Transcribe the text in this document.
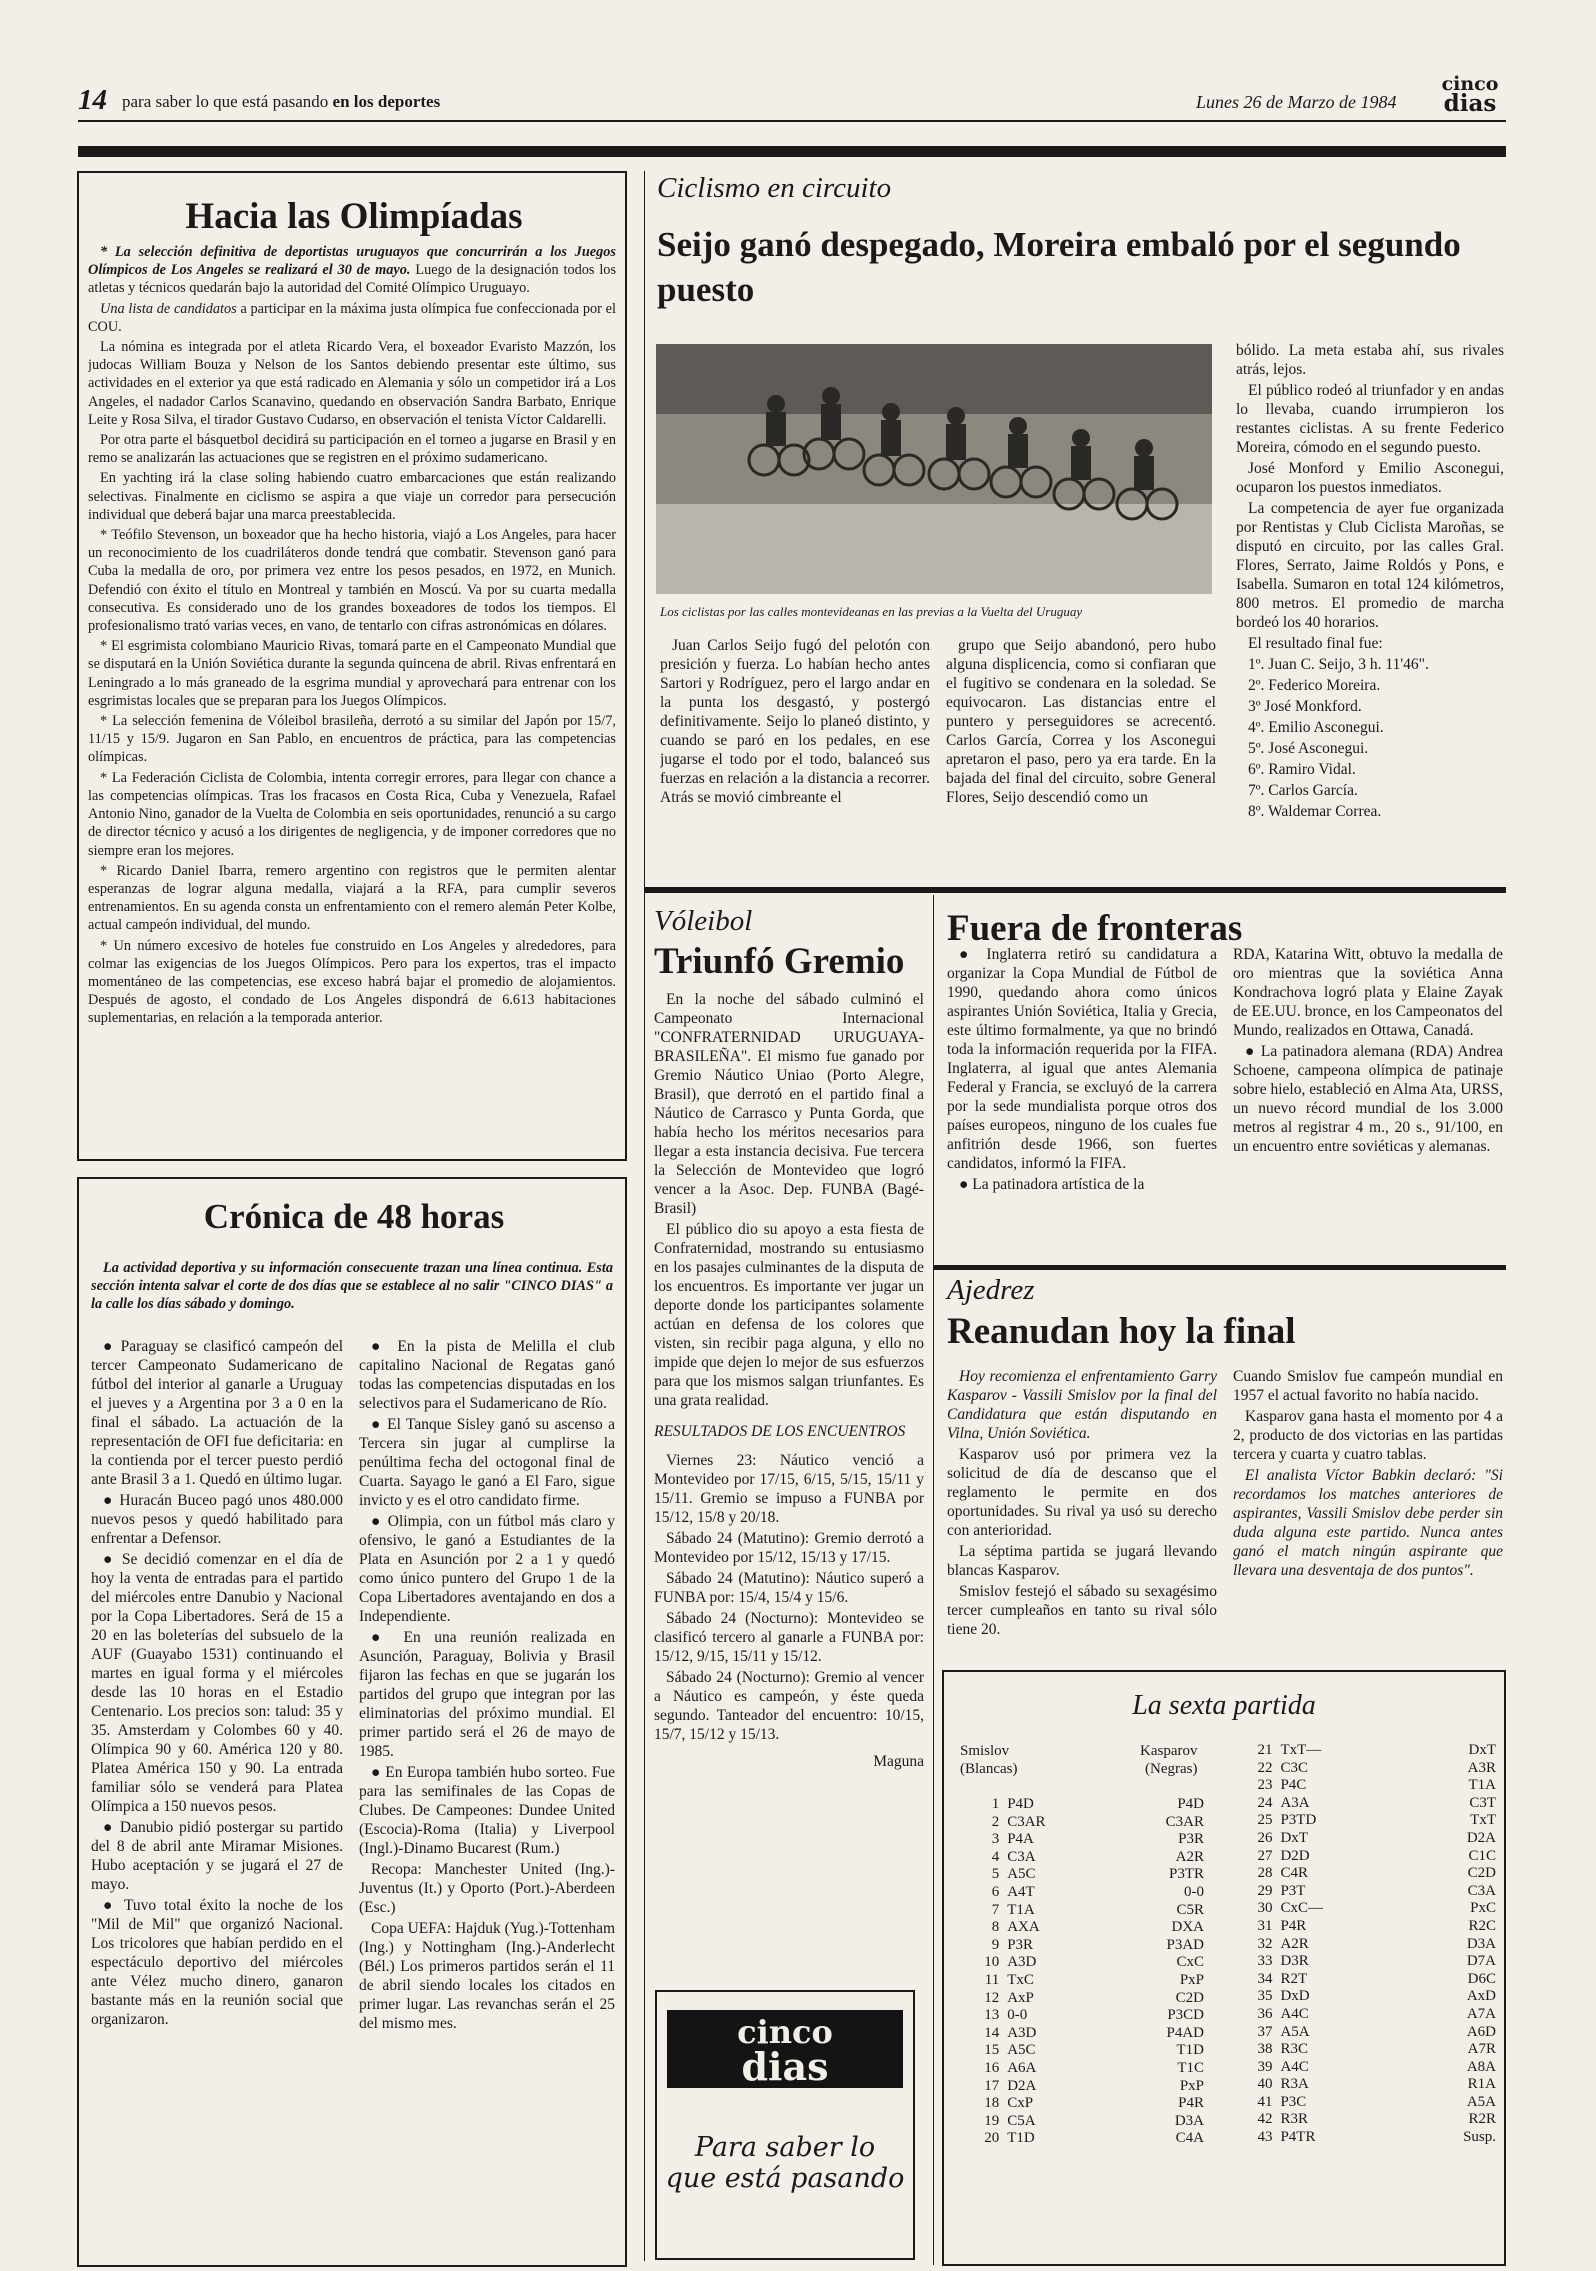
14 para saber lo que está pasando en los deportes	Lunes 26 de Marzo de 1984
cinco
dias
Hacia las Olimpíadas

* La selección definitiva de deportistas uruguayos que concurrirán a los Juegos Olímpicos de Los Angeles se realizará el 30 de mayo. Luego de la designación todos los atletas y técnicos quedarán bajo la autoridad del Comité Olímpico Uruguayo.

Una lista de candidatos a participar en la máxima justa olímpica fue confeccionada por el COU.

La nómina es integrada por el atleta Ricardo Vera, el boxeador Evaristo Mazzón, los judocas William Bouza y Nelson de los Santos debiendo presentar este último, sus actividades en el exterior ya que está radicado en Alemania y sólo un competidor irá a Los Angeles, el nadador Carlos Scanavino, quedando en observación Sandra Barbato, Enrique Leite y Rosa Silva, el tirador Gustavo Cudarso, en observación el tenista Víctor Caldarelli.

Por otra parte el básquetbol decidirá su participación en el torneo a jugarse en Brasil y en remo se analizarán las actuaciones que se registren en el próximo sudamericano.

En yachting irá la clase soling habiendo cuatro embarcaciones que están realizando selectivas. Finalmente en ciclismo se aspira a que viaje un corredor para persecución individual que deberá bajar una marca preestablecida.

* Teófilo Stevenson, un boxeador que ha hecho historia, viajó a Los Angeles, para hacer un reconocimiento de los cuadriláteros donde tendrá que combatir. Stevenson ganó para Cuba la medalla de oro, por primera vez entre los pesos pesados, en 1972, en Munich. Defendió con éxito el título en Montreal y también en Moscú. Va por su cuarta medalla consecutiva. Es considerado uno de los grandes boxeadores de todos los tiempos. El profesionalismo trató varias veces, en vano, de tentarlo con cifras astronómicas en dólares.

* El esgrimista colombiano Mauricio Rivas, tomará parte en el Campeonato Mundial que se disputará en la Unión Soviética durante la segunda quincena de abril. Rivas enfrentará en Leningrado a lo más graneado de la esgrima mundial y aprovechará para entrenar con los esgrimistas locales que se preparan para los Juegos Olímpicos.

* La selección femenina de Vóleibol brasileña, derrotó a su similar del Japón por 15/7, 11/15 y 15/9. Jugaron en San Pablo, en encuentros de práctica, para las competencias olímpicas.

* La Federación Ciclista de Colombia, intenta corregir errores, para llegar con chance a las competencias olímpicas. Tras los fracasos en Costa Rica, Cuba y Venezuela, Rafael Antonio Nino, ganador de la Vuelta de Colombia en seis oportunidades, renunció a su cargo de director técnico y acusó a los dirigentes de negligencia, y de imponer corredores que no siempre eran los mejores.

* Ricardo Daniel Ibarra, remero argentino con registros que le permiten alentar esperanzas de lograr alguna medalla, viajará a la RFA, para cumplir severos entrenamientos. En su agenda consta un enfrentamiento con el remero alemán Peter Kolbe, actual campeón individual, del mundo.

* Un número excesivo de hoteles fue construido en Los Angeles y alrededores, para colmar las exigencias de los Juegos Olímpicos. Pero para los expertos, tras el impacto momentáneo de las competencias, ese exceso habrá bajar el promedio de alojamientos. Después de agosto, el condado de Los Angeles dispondrá de 6.613 habitaciones suplementarias, en relación a la temporada anterior.

Crónica de 48 horas

La actividad deportiva y su información consecuente trazan una línea continua. Esta sección intenta salvar el corte de dos días que se establece al no salir "CINCO DIAS" a la calle los días sábado y domingo.

● Paraguay se clasificó campeón del tercer Campeonato Sudamericano de fútbol del interior al ganarle a Uruguay el jueves y a Argentina por 3 a 0 en la final el sábado. La actuación de la representación de OFI fue deficitaria: en la contienda por el tercer puesto perdió ante Brasil 3 a 1. Quedó en último lugar.

● Huracán Buceo pagó unos 480.000 nuevos pesos y quedó habilitado para enfrentar a Defensor.

● Se decidió comenzar en el día de hoy la venta de entradas para el partido del miércoles entre Danubio y Nacional por la Copa Libertadores. Será de 15 a 20 en las boleterías del subsuelo de la AUF (Guayabo 1531) continuando el martes en igual forma y el miércoles desde las 10 horas en el Estadio Centenario. Los precios son: talud: 35 y 35. Amsterdam y Colombes 60 y 40. Olímpica 90 y 60. América 120 y 80. Platea América 150 y 90. La entrada familiar sólo se venderá para Platea Olímpica a 150 nuevos pesos.

● Danubio pidió postergar su partido del 8 de abril ante Miramar Misiones. Hubo aceptación y se jugará el 27 de mayo.

● Tuvo total éxito la noche de los "Mil de Mil" que organizó Nacional. Los tricolores que habían perdido en el espectáculo deportivo del miércoles ante Vélez mucho dinero, ganaron bastante más en la reunión social que organizaron.

● En la pista de Melilla el club capitalino Nacional de Regatas ganó todas las competencias disputadas en los selectivos para el Sudamericano de Río.

● El Tanque Sisley ganó su ascenso a Tercera sin jugar al cumplirse la penúltima fecha del octogonal final de Cuarta. Sayago le ganó a El Faro, sigue invicto y es el otro candidato firme.

● Olimpia, con un fútbol más claro y ofensivo, le ganó a Estudiantes de la Plata en Asunción por 2 a 1 y quedó como único puntero del Grupo 1 de la Copa Libertadores aventajando en dos a Independiente.

● En una reunión realizada en Asunción, Paraguay, Bolivia y Brasil fijaron las fechas en que se jugarán los partidos del grupo que integran por las eliminatorias del próximo mundial. El primer partido será el 26 de mayo de 1985.

● En Europa también hubo sorteo. Fue para las semifinales de las Copas de Clubes. De Campeones: Dundee United (Escocia)-Roma (Italia) y Liverpool (Ingl.)-Dinamo Bucarest (Rum.)

Recopa: Manchester United (Ing.)-Juventus (It.) y Oporto (Port.)-Aberdeen (Esc.)

Copa UEFA: Hajduk (Yug.)-Tottenham (Ing.) y Nottingham (Ing.)-Anderlecht (Bél.) Los primeros partidos serán el 11 de abril siendo locales los citados en primer lugar. Las revanchas serán el 25 del mismo mes.

Ciclismo en circuito
Seijo ganó despegado, Moreira embaló por el segundo puesto
Los ciclistas por las calles montevideanas en las previas a la Vuelta del Uruguay

Juan Carlos Seijo fugó del pelotón con presición y fuerza. Lo habían hecho antes Sartori y Rodríguez, pero el largo andar en la punta los desgastó, y postergó definitivamente. Seijo lo planeó distinto, y cuando se paró en los pedales, en ese jugarse el todo por el todo, balanceó sus fuerzas en relación a la distancia a recorrer. Atrás se movió cimbreante el

grupo que Seijo abandonó, pero hubo alguna displicencia, como si confiaran que el fugitivo se condenara en la soledad. Se equivocaron. Las distancias entre el puntero y perseguidores se acrecentó. Carlos García, Correa y los Asconegui apretaron el paso, pero ya era tarde. En la bajada del final del circuito, sobre General Flores, Seijo descendió como un

bólido. La meta estaba ahí, sus rivales atrás, lejos.

El público rodeó al triunfador y en andas lo llevaba, cuando irrumpieron los restantes ciclistas. A su frente Federico Moreira, cómodo en el segundo puesto.

José Monford y Emilio Asconegui, ocuparon los puestos inmediatos.

La competencia de ayer fue organizada por Rentistas y Club Ciclista Maroñas, se disputó en circuito, por las calles Gral. Flores, Serrato, Jaime Roldós y Pons, e Isabella. Sumaron en total 124 kilómetros, 800 metros. El promedio de marcha bordeó los 40 horarios.

El resultado final fue:

1º. Juan C. Seijo, 3 h. 11'46".

2º. Federico Moreira.

3º José Monkford.

4º. Emilio Asconegui.

5º. José Asconegui.

6º. Ramiro Vidal.

7º. Carlos García.

8º. Waldemar Correa.

Vóleibol
Triunfó Gremio

En la noche del sábado culminó el Campeonato Internacional "CONFRATERNIDAD URUGUAYA-BRASILEÑA". El mismo fue ganado por Gremio Náutico Uniao (Porto Alegre, Brasil), que derrotó en el partido final a Náutico de Carrasco y Punta Gorda, que había hecho los méritos necesarios para llegar a esta instancia decisiva. Fue tercera la Selección de Montevideo que logró vencer a la Asoc. Dep. FUNBA (Bagé-Brasil)

El público dio su apoyo a esta fiesta de Confraternidad, mostrando su entusiasmo en los pasajes culminantes de la disputa de los encuentros. Es importante ver jugar un deporte donde los participantes solamente actúan en defensa de los colores que visten, sin recibir paga alguna, y ello no impide que dejen lo mejor de sus esfuerzos para que los mismos salgan triunfantes. Es una grata realidad.

RESULTADOS DE LOS ENCUENTROS

Viernes 23: Náutico venció a Montevideo por 17/15, 6/15, 5/15, 15/11 y 15/11. Gremio se impuso a FUNBA por 15/12, 15/8 y 20/18.

Sábado 24 (Matutino): Gremio derrotó a Montevideo por 15/12, 15/13 y 17/15.

Sábado 24 (Matutino): Náutico superó a FUNBA por: 15/4, 15/4 y 15/6.

Sábado 24 (Nocturno): Montevideo se clasificó tercero al ganarle a FUNBA por: 15/12, 9/15, 15/11 y 15/12.

Sábado 24 (Nocturno): Gremio al vencer a Náutico es campeón, y éste queda segundo. Tanteador del encuentro: 10/15, 15/7, 15/12 y 15/13.

Maguna

cinco
dias
Para saber lo
que está pasando
Fuera de fronteras

● Inglaterra retiró su candidatura a organizar la Copa Mundial de Fútbol de 1990, quedando ahora como únicos aspirantes Unión Soviética, Italia y Grecia, este último formalmente, ya que no brindó toda la información requerida por la FIFA. Inglaterra, al igual que antes Alemania Federal y Francia, se excluyó de la carrera por la sede mundialista porque otros dos países europeos, ninguno de los cuales fue anfitrión desde 1966, son fuertes candidatos, informó la FIFA.

● La patinadora artística de la

RDA, Katarina Witt, obtuvo la medalla de oro mientras que la soviética Anna Kondrachova logró plata y Elaine Zayak de EE.UU. bronce, en los Campeonatos del Mundo, realizados en Ottawa, Canadá.

● La patinadora alemana (RDA) Andrea Schoene, campeona olímpica de patinaje sobre hielo, estableció en Alma Ata, URSS, un nuevo récord mundial de los 3.000 metros al registrar 4 m., 20 s., 91/100, en un encuentro entre soviéticas y alemanas.

Ajedrez
Reanudan hoy la final

Hoy recomienza el enfrentamiento Garry Kasparov - Vassili Smislov por la final del Candidatura que están disputando en Vilna, Unión Soviética.

Kasparov usó por primera vez la solicitud de día de descanso que el reglamento le permite en dos oportunidades. Su rival ya usó su derecho con anterioridad.

La séptima partida se jugará llevando blancas Kasparov.

Smislov festejó el sábado su sexagésimo tercer cumpleaños en tanto su rival sólo tiene 20.

Cuando Smislov fue campeón mundial en 1957 el actual favorito no había nacido.

Kasparov gana hasta el momento por 4 a 2, producto de dos victorias en las partidas tercera y cuarta y cuatro tablas.

El analista Víctor Babkin declaró: "Si recordamos los matches anteriores de aspirantes, Vassili Smislov debe perder sin duda alguna este partido. Nunca antes ganó el match ningún aspirante que llevara una desventaja de dos puntos".

La sexta partida
Smislov
(Blancas)
Kasparov
(Negras)
1	P4D	P4D
2	C3AR	C3AR
3	P4A	P3R
4	C3A	A2R
5	A5C	P3TR
6	A4T	0-0
7	T1A	C5R
8	AXA	DXA
9	P3R	P3AD
10	A3D	CxC
11	TxC	PxP
12	AxP	C2D
13	0-0	P3CD
14	A3D	P4AD
15	A5C	T1D
16	A6A	T1C
17	D2A	PxP
18	CxP	P4R
19	C5A	D3A
20	T1D	C4A
21	TxT—	DxT
22	C3C	A3R
23	P4C	T1A
24	A3A	C3T
25	P3TD	TxT
26	DxT	D2A
27	D2D	C1C
28	C4R	C2D
29	P3T	C3A
30	CxC—	PxC
31	P4R	R2C
32	A2R	D3A
33	D3R	D7A
34	R2T	D6C
35	DxD	AxD
36	A4C	A7A
37	A5A	A6D
38	R3C	A7R
39	A4C	A8A
40	R3A	R1A
41	P3C	A5A
42	R3R	R2R
43	P4TR	Susp.
